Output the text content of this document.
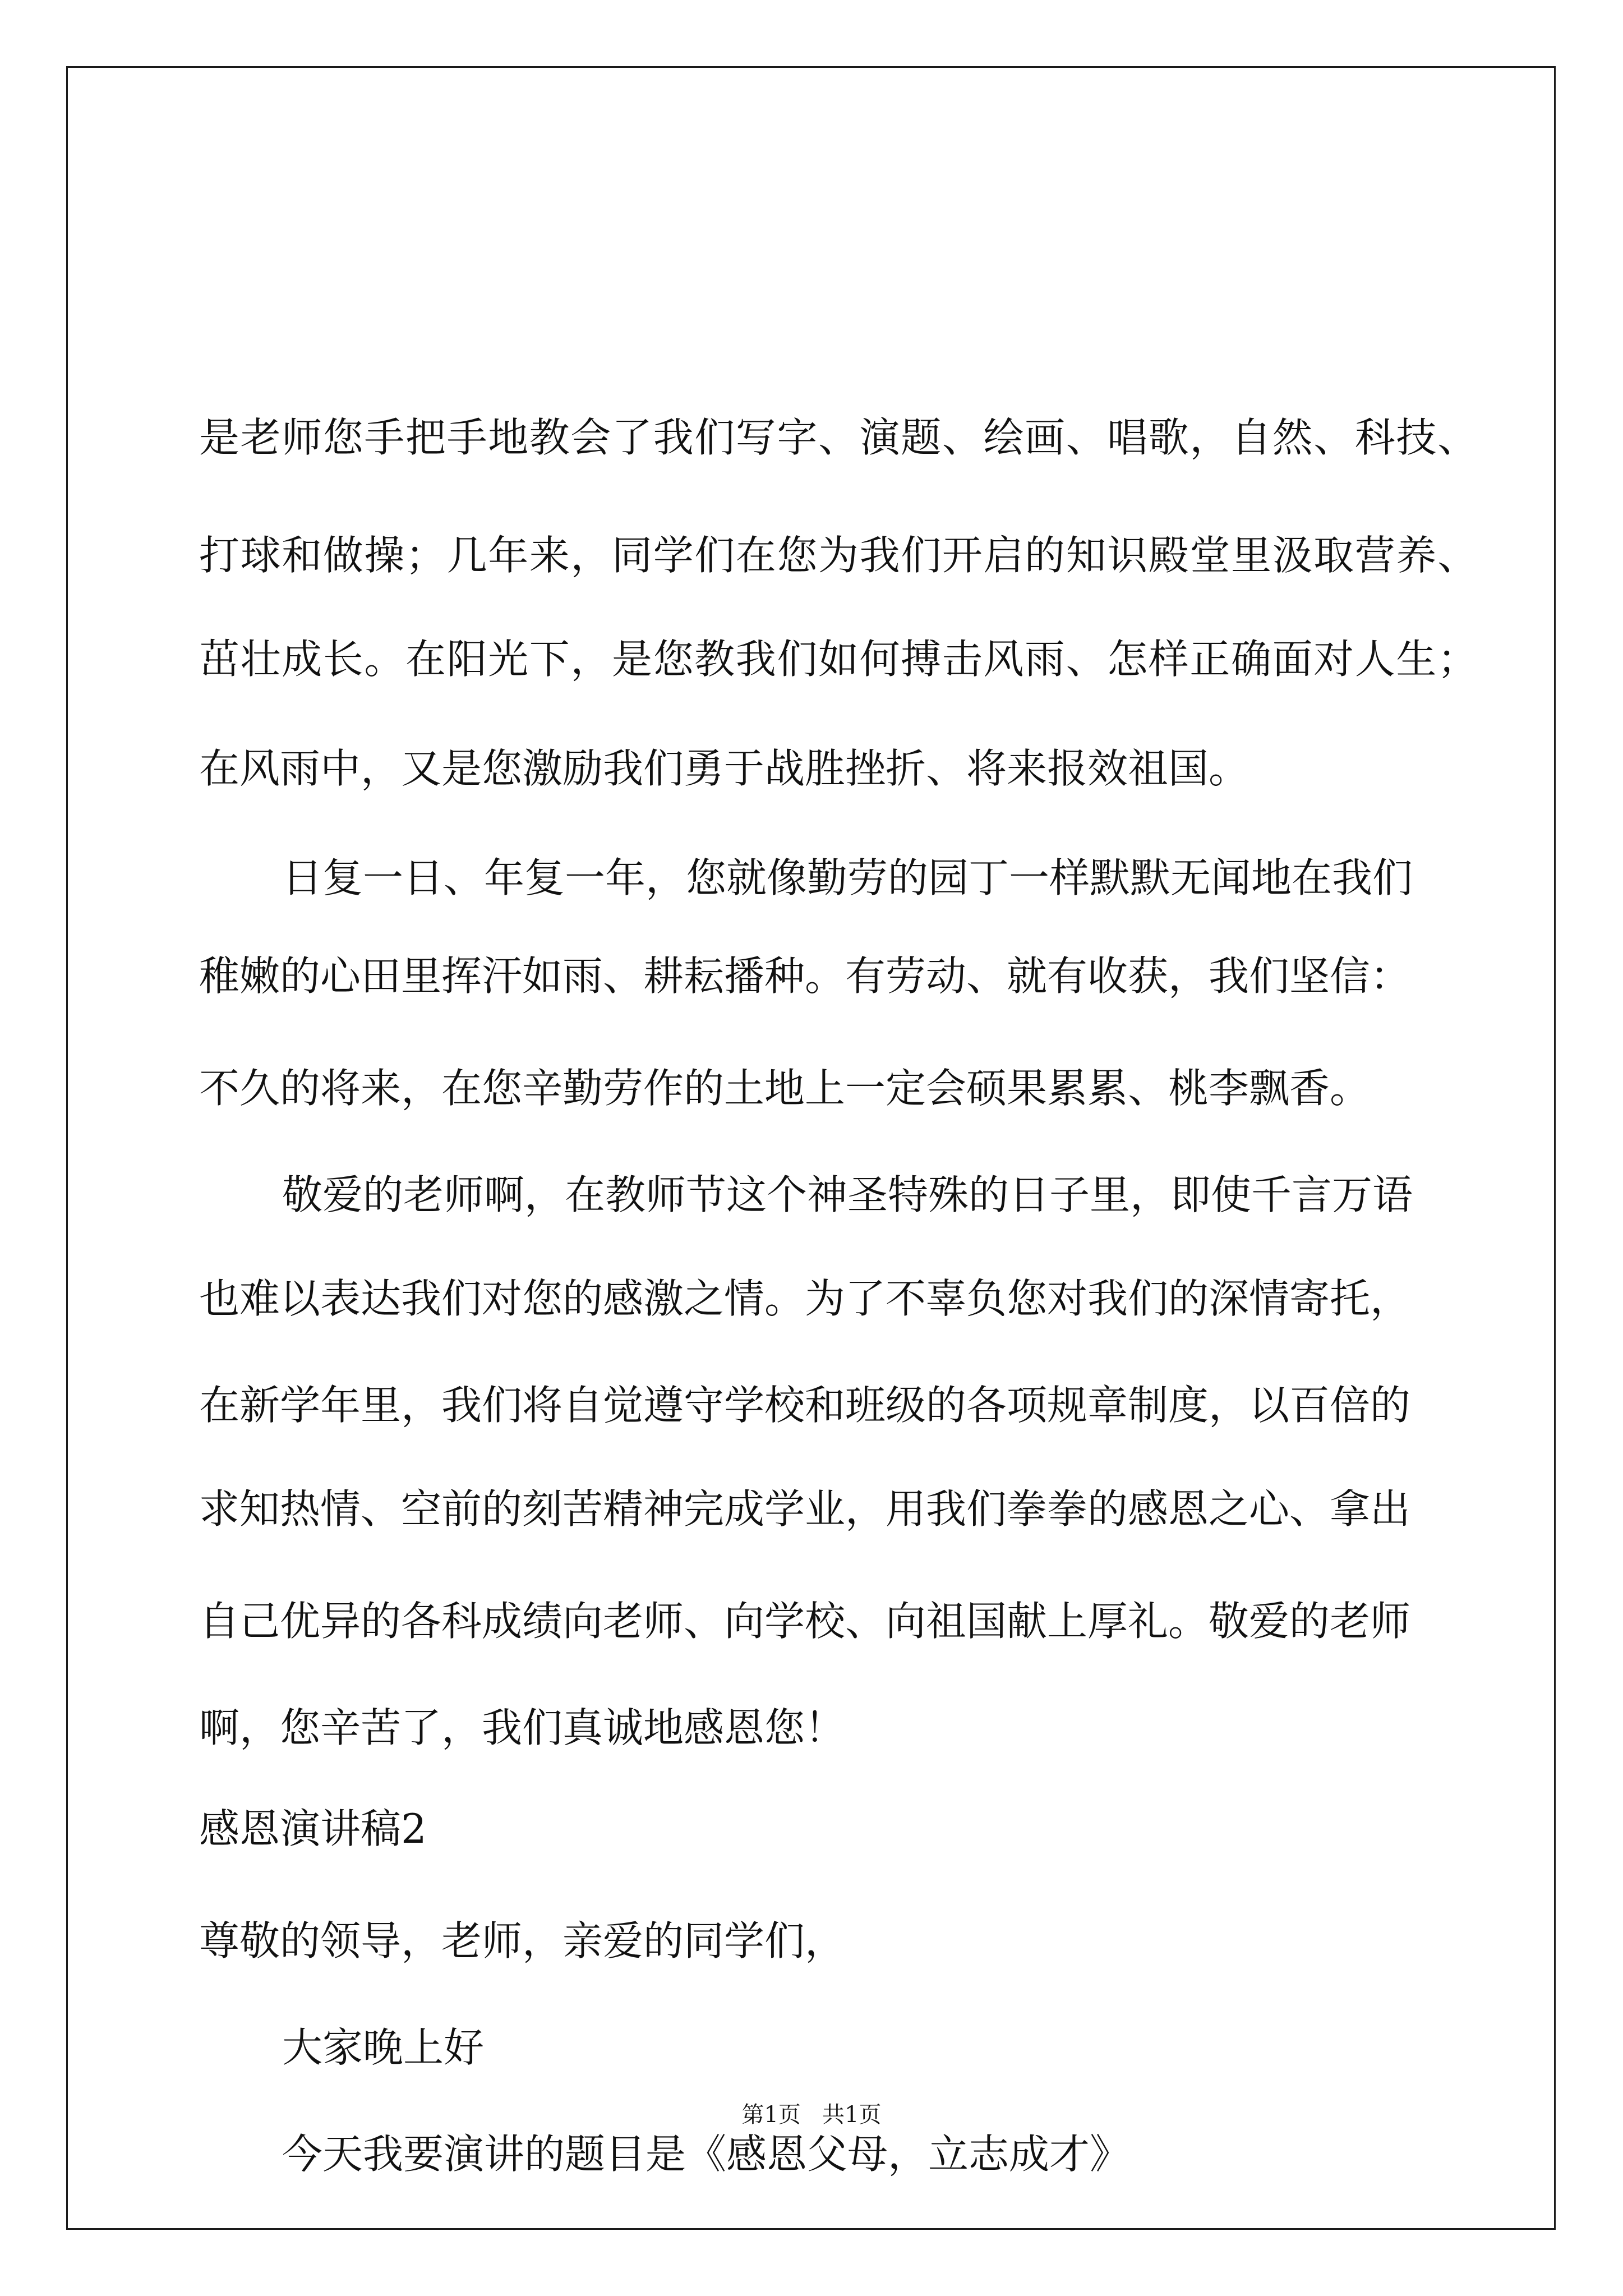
是老师您手把手地教会了我们写字、演题、绘画、唱歌，自然、科技、
打球和做操；几年来，同学们在您为我们开启的知识殿堂里汲取营养、
茁壮成长。在阳光下，是您教我们如何搏击风雨、怎样正确面对人生；
在风雨中，又是您激励我们勇于战胜挫折、将来报效祖国。
日复一日、年复一年，您就像勤劳的园丁一样默默无闻地在我们
稚嫩的心田里挥汗如雨、耕耘播种。有劳动、就有收获，我们坚信：
不久的将来，在您辛勤劳作的土地上一定会硕果累累、桃李飘香。
敬爱的老师啊，在教师节这个神圣特殊的日子里，即使千言万语
也难以表达我们对您的感激之情。为了不辜负您对我们的深情寄托，
在新学年里，我们将自觉遵守学校和班级的各项规章制度，以百倍的
求知热情、空前的刻苦精神完成学业，用我们拳拳的感恩之心、拿出
自己优异的各科成绩向老师、向学校、向祖国献上厚礼。敬爱的老师
啊，您辛苦了，我们真诚地感恩您！
感恩演讲稿2
尊敬的领导，老师，亲爱的同学们，
大家晚上好
今天我要演讲的题目是《感恩父母，立志成才》
第1页   共1页
